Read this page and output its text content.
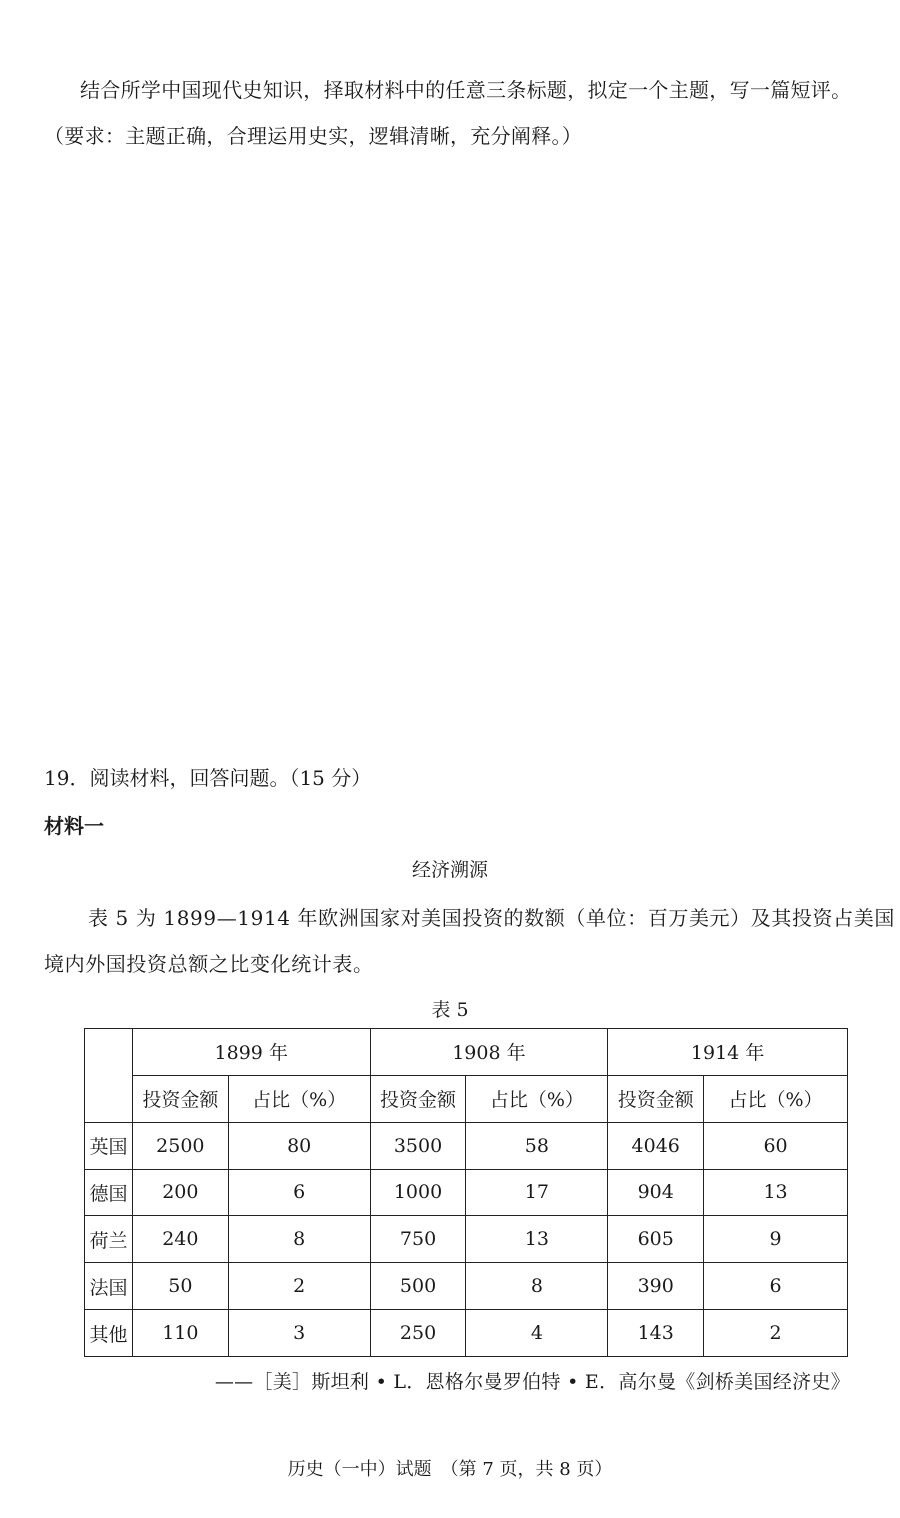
结合所学中国现代史知识，择取材料中的任意三条标题，拟定一个主题，写一篇短评。
（要求：主题正确，合理运用史实，逻辑清晰，充分阐释。）
19．阅读材料，回答问题。（15 分）
材料一
经济溯源
表 5 为 1899—1914 年欧洲国家对美国投资的数额（单位：百万美元）及其投资占美国
境内外国投资总额之比变化统计表。
表 5
	1899 年		1908 年		1914 年	
	投资金额	占比（%）	投资金额	占比（%）	投资金额	占比（%）
英国	2500	80	3500	58	4046	60
德国	200	6	1000	17	904	13
荷兰	240	8	750	13	605	9
法国	50	2	500	8	390	6
其他	110	3	250	4	143	2
——［美］斯坦利 • L．恩格尔曼罗伯特 • E．高尔曼《剑桥美国经济史》
历史（一中）试题　（第 7 页，共 8 页）
